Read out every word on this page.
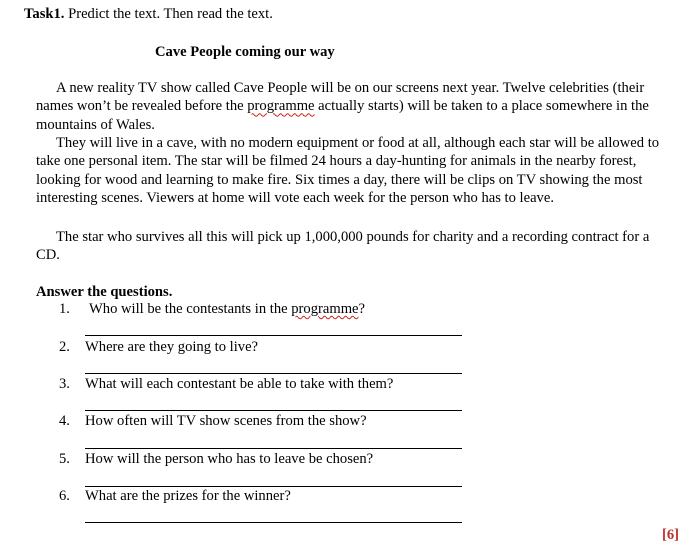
Task1. Predict the text. Then read the text.
Cave People coming our way

A new reality TV show called Cave People will be on our screens next year. Twelve celebrities (their names won’t be revealed before the programme actually starts) will be taken to a place somewhere in the mountains of Wales.

They will live in a cave, with no modern equipment or food at all, although each star will be allowed to take one personal item. The star will be filmed 24 hours a day-hunting for animals in the nearby forest, looking for wood and learning to make fire. Six times a day, there will be clips on TV showing the most interesting scenes. Viewers at home will vote each week for the person who has to leave.

The star who survives all this will pick up 1,000,000 pounds for charity and a recording contract for a CD.

Answer the questions.
1. Who will be the contestants in the programme?
2. Where are they going to live?
3. What will each contestant be able to take with them?
4. How often will TV show scenes from the show?
5. How will the person who has to leave be chosen?
6. What are the prizes for the winner?
[6]
